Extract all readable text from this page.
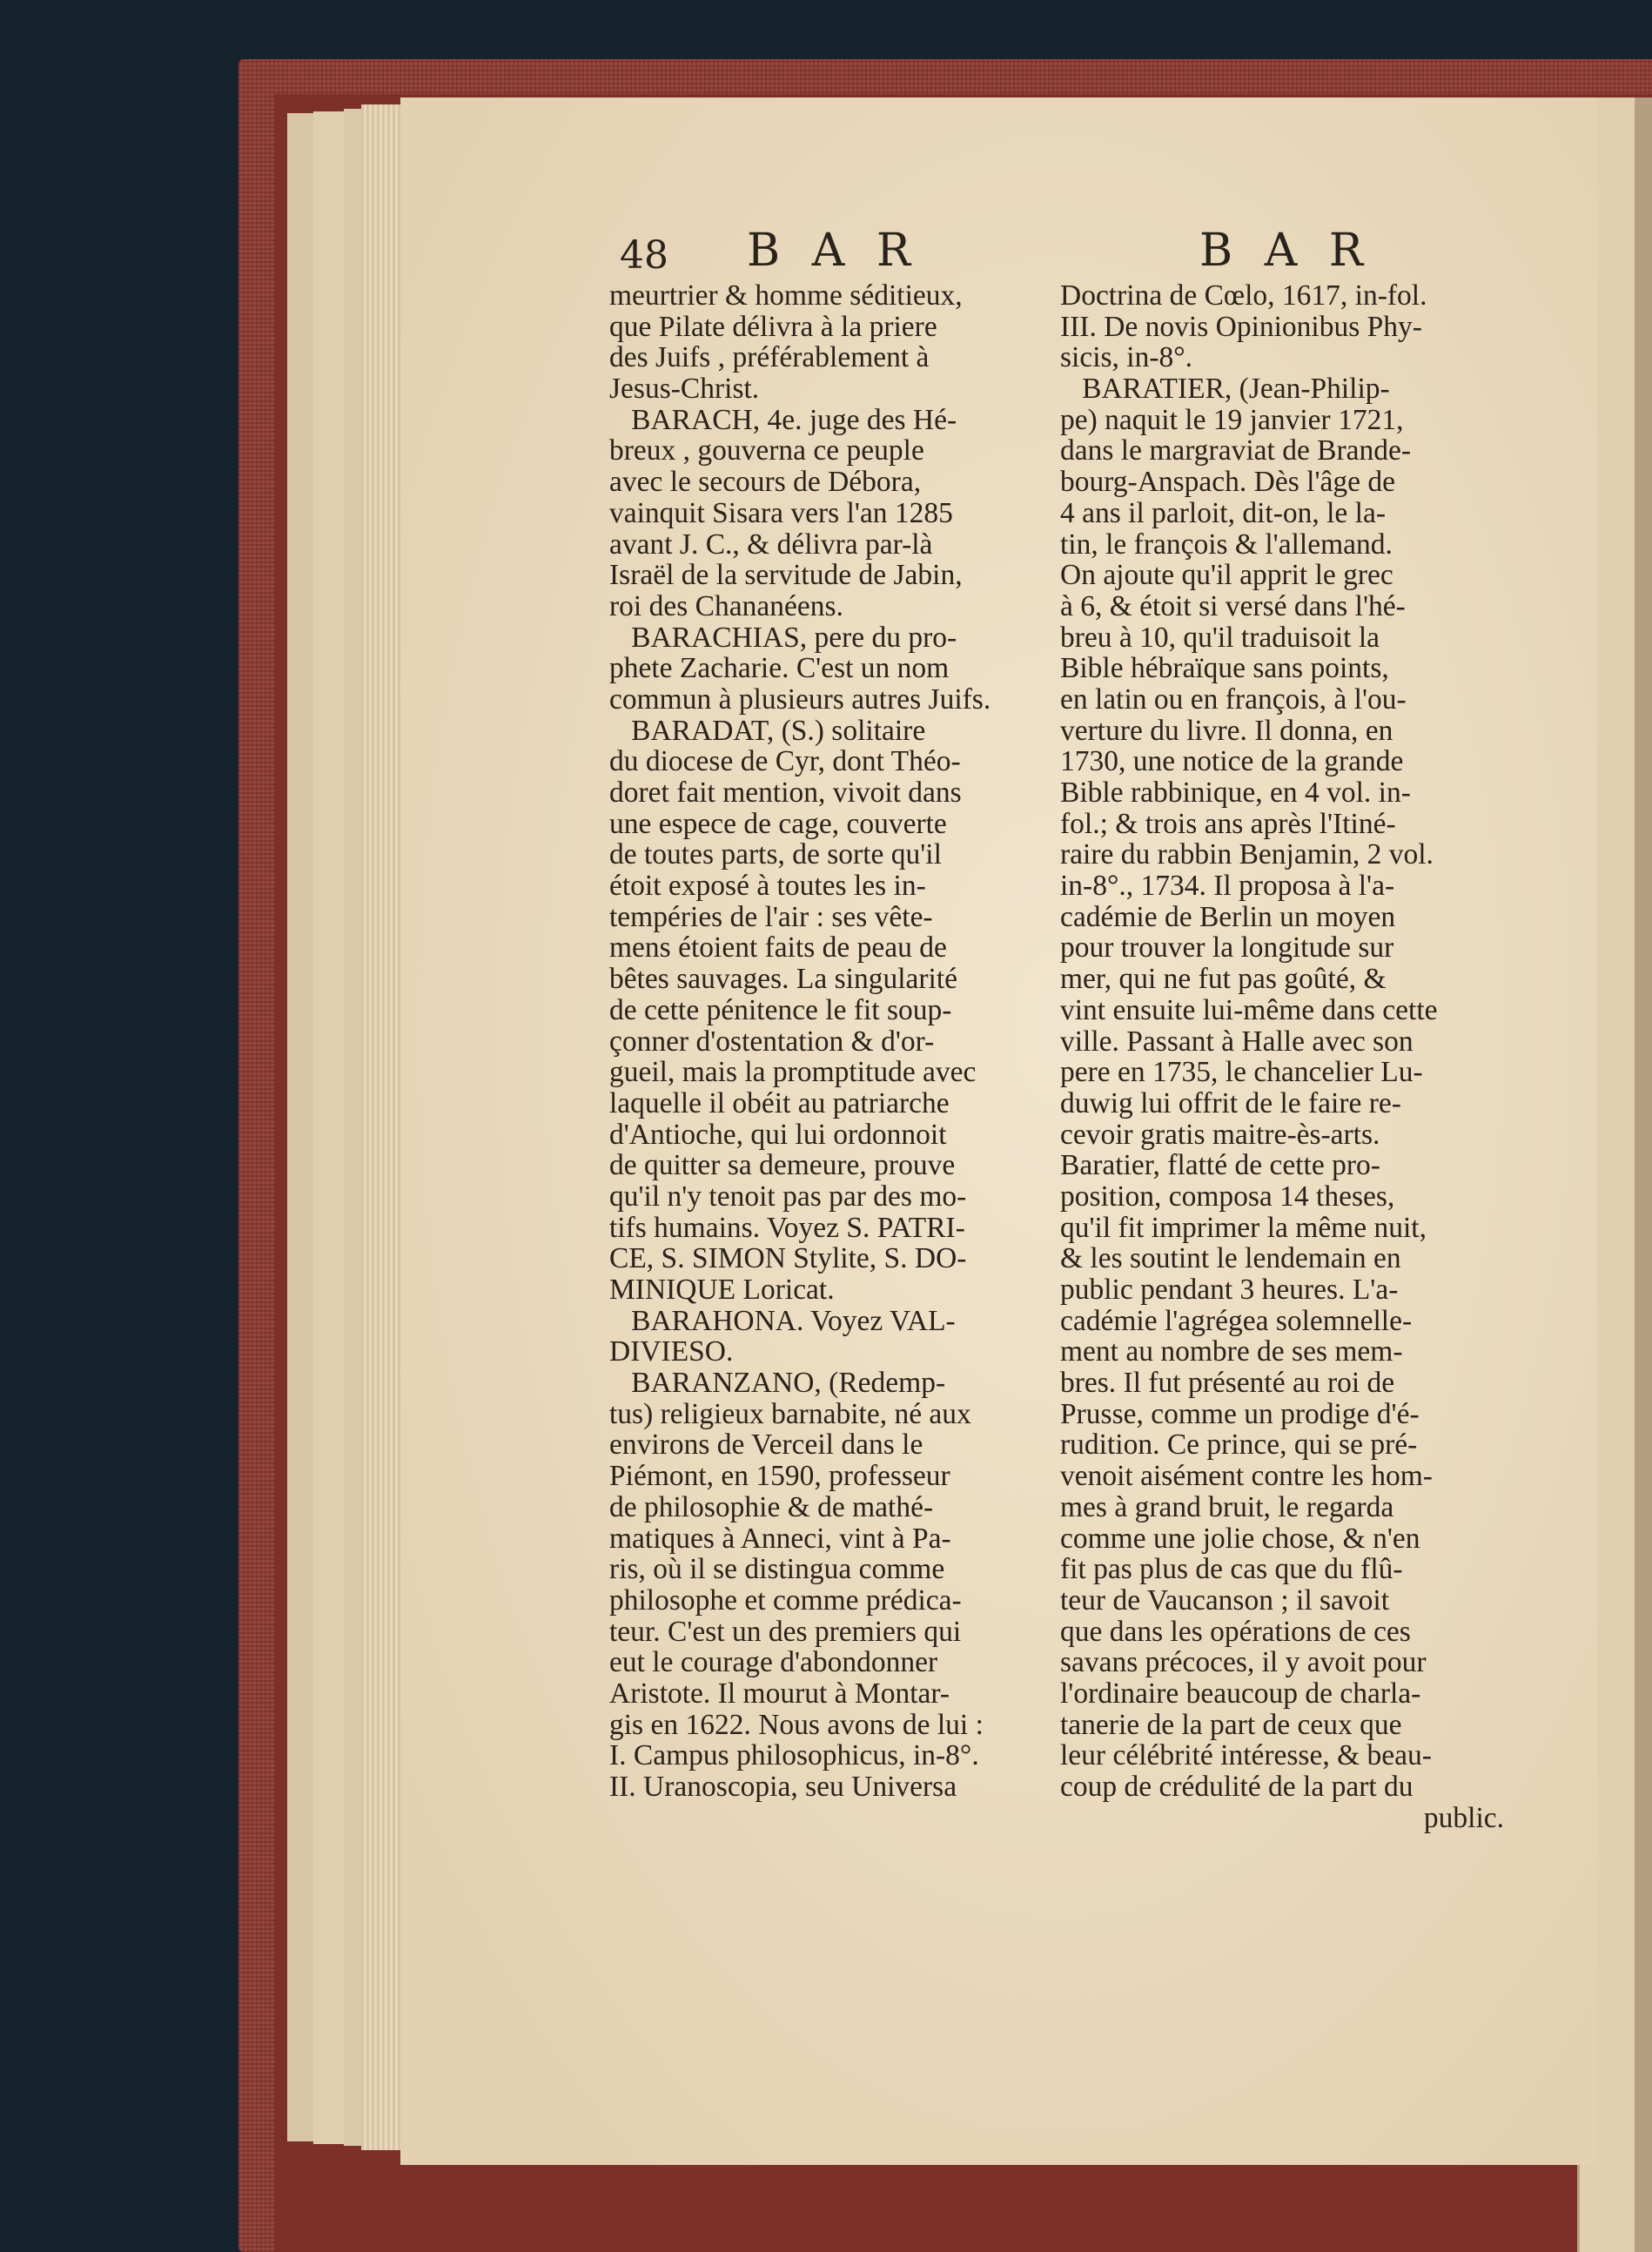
48 B A R	B A R
meurtrier & homme séditieux,
que Pilate délivra à la priere
des Juifs , préférablement à
Jesus-Christ.
BARACH, 4e. juge des Hé-
breux , gouverna ce peuple
avec le secours de Débora,
vainquit Sisara vers l'an 1285
avant J. C., & délivra par-là
Israël de la servitude de Jabin,
roi des Chananéens.
BARACHIAS, pere du pro-
phete Zacharie. C'est un nom
commun à plusieurs autres Juifs.
BARADAT, (S.) solitaire
du diocese de Cyr, dont Théo-
doret fait mention, vivoit dans
une espece de cage, couverte
de toutes parts, de sorte qu'il
étoit exposé à toutes les in-
tempéries de l'air : ses vête-
mens étoient faits de peau de
bêtes sauvages. La singularité
de cette pénitence le fit soup-
çonner d'ostentation & d'or-
gueil, mais la promptitude avec
laquelle il obéit au patriarche
d'Antioche, qui lui ordonnoit
de quitter sa demeure, prouve
qu'il n'y tenoit pas par des mo-
tifs humains. Voyez S. PATRI-
CE, S. SIMON Stylite, S. DO-
MINIQUE Loricat.
BARAHONA. Voyez VAL-
DIVIESO.
BARANZANO, (Redemp-
tus) religieux barnabite, né aux
environs de Verceil dans le
Piémont, en 1590, professeur
de philosophie & de mathé-
matiques à Anneci, vint à Pa-
ris, où il se distingua comme
philosophe et comme prédica-
teur. C'est un des premiers qui
eut le courage d'abondonner
Aristote. Il mourut à Montar-
gis en 1622. Nous avons de lui :
I. Campus philosophicus, in-8°.
II. Uranoscopia, seu Universa
Doctrina de Cœlo, 1617, in-fol.
III. De novis Opinionibus Phy-
sicis, in-8°.
BARATIER, (Jean-Philip-
pe) naquit le 19 janvier 1721,
dans le margraviat de Brande-
bourg-Anspach. Dès l'âge de
4 ans il parloit, dit-on, le la-
tin, le françois & l'allemand.
On ajoute qu'il apprit le grec
à 6, & étoit si versé dans l'hé-
breu à 10, qu'il traduisoit la
Bible hébraïque sans points,
en latin ou en françois, à l'ou-
verture du livre. Il donna, en
1730, une notice de la grande
Bible rabbinique, en 4 vol. in-
fol.; & trois ans après l'Itiné-
raire du rabbin Benjamin, 2 vol.
in-8°., 1734. Il proposa à l'a-
cadémie de Berlin un moyen
pour trouver la longitude sur
mer, qui ne fut pas goûté, &
vint ensuite lui-même dans cette
ville. Passant à Halle avec son
pere en 1735, le chancelier Lu-
duwig lui offrit de le faire re-
cevoir gratis maitre-ès-arts.
Baratier, flatté de cette pro-
position, composa 14 theses,
qu'il fit imprimer la même nuit,
& les soutint le lendemain en
public pendant 3 heures. L'a-
cadémie l'agrégea solemnelle-
ment au nombre de ses mem-
bres. Il fut présenté au roi de
Prusse, comme un prodige d'é-
rudition. Ce prince, qui se pré-
venoit aisément contre les hom-
mes à grand bruit, le regarda
comme une jolie chose, & n'en
fit pas plus de cas que du flû-
teur de Vaucanson ; il savoit
que dans les opérations de ces
savans précoces, il y avoit pour
l'ordinaire beaucoup de charla-
tanerie de la part de ceux que
leur célébrité intéresse, & beau-
coup de crédulité de la part du
public.
